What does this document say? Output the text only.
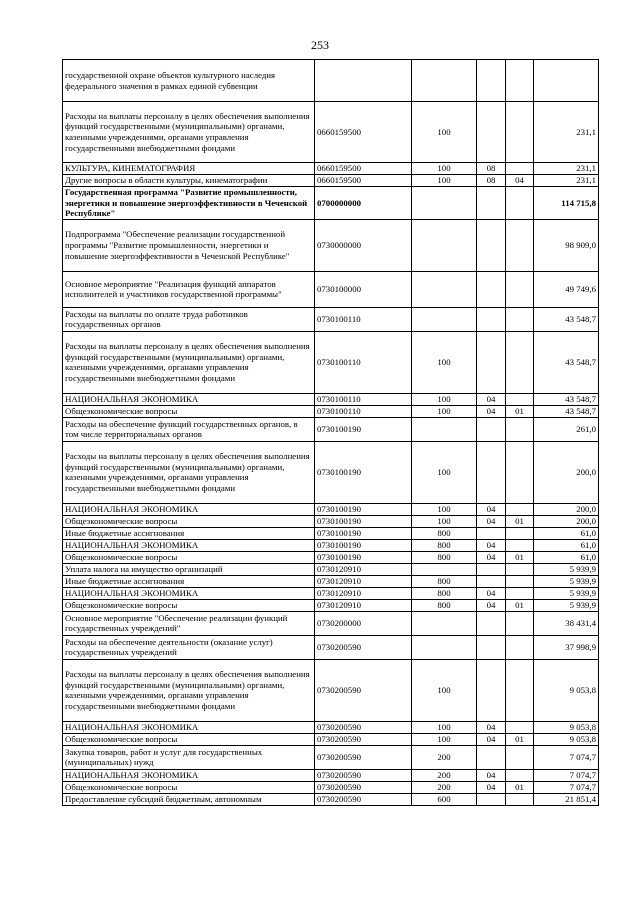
253
государственной охране объектов культурного наследия федерального значения в рамках единой субвенции					
Расходы на выплаты персоналу в целях обеспечения выполнения функций государственными (муниципальными) органами, казенными учреждениями, органами управления государственными внебюджетными фондами	0660159500	100			231,1
КУЛЬТУРА, КИНЕМАТОГРАФИЯ	0660159500	100	08		231,1
Другие вопросы в области культуры, кинематографии	0660159500	100	08	04	231,1
Государственная программа "Развитие промышленности, энергетики и повышение энергоэффективности в Чеченской Республике"	0700000000				114 715,8
Подпрограмма "Обеспечение реализации государственной программы "Развитие промышленности, энергетики и повышение энергоэффективности в Чеченской Республике"	0730000000				98 909,0
Основное мероприятие "Реализация функций аппаратов исполнителей и участников государственной программы"	0730100000				49 749,6
Расходы на выплаты по оплате труда работников государственных органов	0730100110				43 548,7
Расходы на выплаты персоналу в целях обеспечения выполнения функций государственными (муниципальными) органами, казенными учреждениями, органами управления государственными внебюджетными фондами	0730100110	100			43 548,7
НАЦИОНАЛЬНАЯ ЭКОНОМИКА	0730100110	100	04		43 548,7
Общеэкономические вопросы	0730100110	100	04	01	43 548,7
Расходы на обеспечение функций государственных органов, в том числе территориальных органов	0730100190				261,0
Расходы на выплаты персоналу в целях обеспечения выполнения функций государственными (муниципальными) органами, казенными учреждениями, органами управления государственными внебюджетными фондами	0730100190	100			200,0
НАЦИОНАЛЬНАЯ ЭКОНОМИКА	0730100190	100	04		200,0
Общеэкономические вопросы	0730100190	100	04	01	200,0
Иные бюджетные ассигнования	0730100190	800			61,0
НАЦИОНАЛЬНАЯ ЭКОНОМИКА	0730100190	800	04		61,0
Общеэкономические вопросы	0730100190	800	04	01	61,0
Уплата налога на имущество организаций	0730120910				5 939,9
Иные бюджетные ассигнования	0730120910	800			5 939,9
НАЦИОНАЛЬНАЯ ЭКОНОМИКА	0730120910	800	04		5 939,9
Общеэкономические вопросы	0730120910	800	04	01	5 939,9
Основное мероприятие "Обеспечение реализации функций государственных учреждений"	0730200000				38 431,4
Расходы на обеспечение деятельности (оказание услуг) государственных учреждений	0730200590				37 998,9
Расходы на выплаты персоналу в целях обеспечения выполнения функций государственными (муниципальными) органами, казенными учреждениями, органами управления государственными внебюджетными фондами	0730200590	100			9 053,8
НАЦИОНАЛЬНАЯ ЭКОНОМИКА	0730200590	100	04		9 053,8
Общеэкономические вопросы	0730200590	100	04	01	9 053,8
Закупка товаров, работ и услуг для государственных (муниципальных) нужд	0730200590	200			7 074,7
НАЦИОНАЛЬНАЯ ЭКОНОМИКА	0730200590	200	04		7 074,7
Общеэкономические вопросы	0730200590	200	04	01	7 074,7
Предоставление субсидий бюджетным, автономным	0730200590	600			21 851,4
